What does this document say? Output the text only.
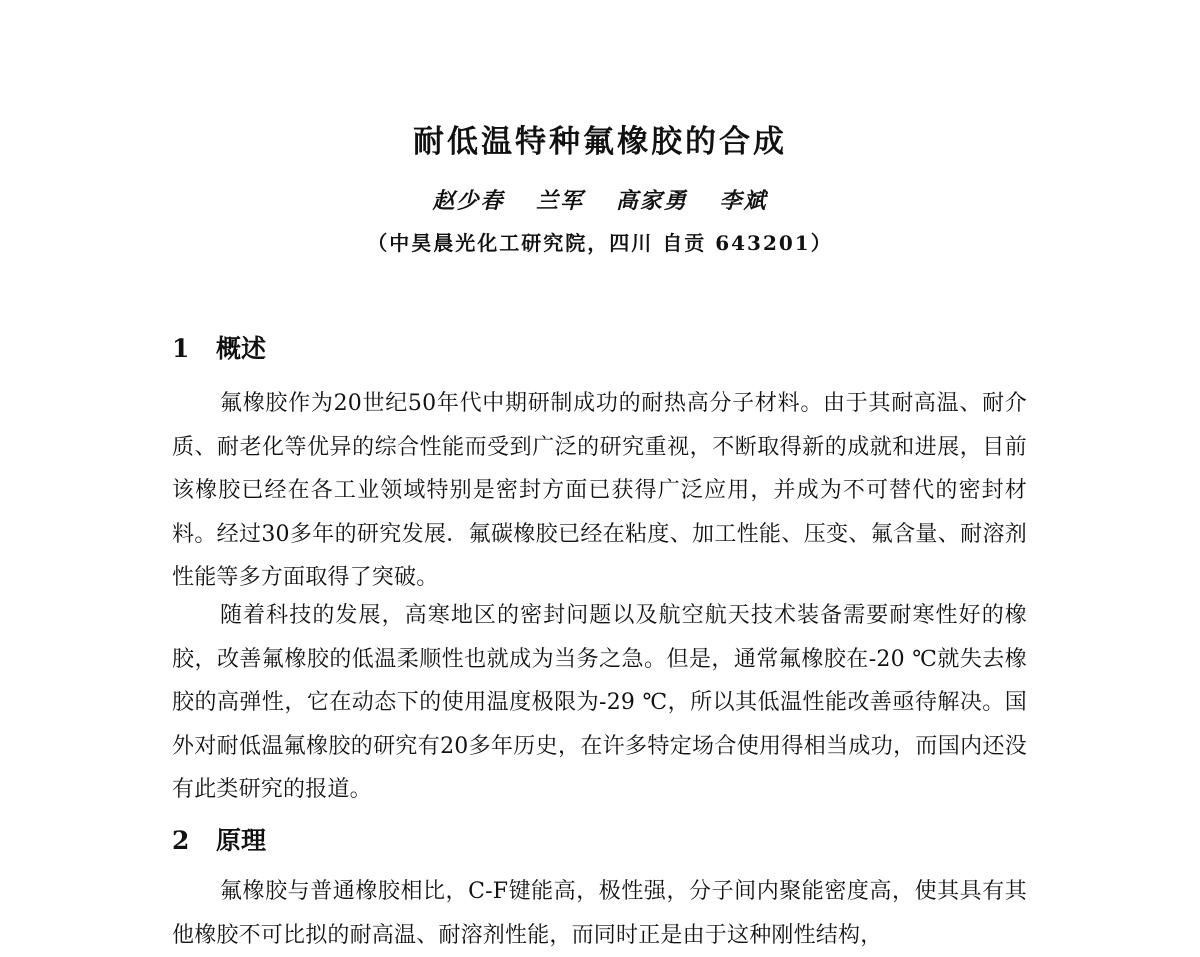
耐低温特种氟橡胶的合成
赵少春 兰军 高家勇 李斌
（中昊晨光化工研究院，四川 自贡 643201）
1 概述

氟橡胶作为20世纪50年代中期研制成功的耐热高分子材料。由于其耐高温、耐介质、耐老化等优异的综合性能而受到广泛的研究重视，不断取得新的成就和进展，目前该橡胶已经在各工业领域特别是密封方面已获得广泛应用，并成为不可替代的密封材料。经过30多年的研究发展．氟碳橡胶已经在粘度、加工性能、压变、氟含量、耐溶剂性能等多方面取得了突破。

随着科技的发展，高寒地区的密封问题以及航空航天技术装备需要耐寒性好的橡胶，改善氟橡胶的低温柔顺性也就成为当务之急。但是，通常氟橡胶在-20 ℃就失去橡胶的高弹性，它在动态下的使用温度极限为-29 ℃，所以其低温性能改善亟待解决。国外对耐低温氟橡胶的研究有20多年历史，在许多特定场合使用得相当成功，而国内还没有此类研究的报道。

2 原理

氟橡胶与普通橡胶相比，C-F键能高，极性强，分子间内聚能密度高，使其具有其他橡胶不可比拟的耐高温、耐溶剂性能，而同时正是由于这种刚性结构，
